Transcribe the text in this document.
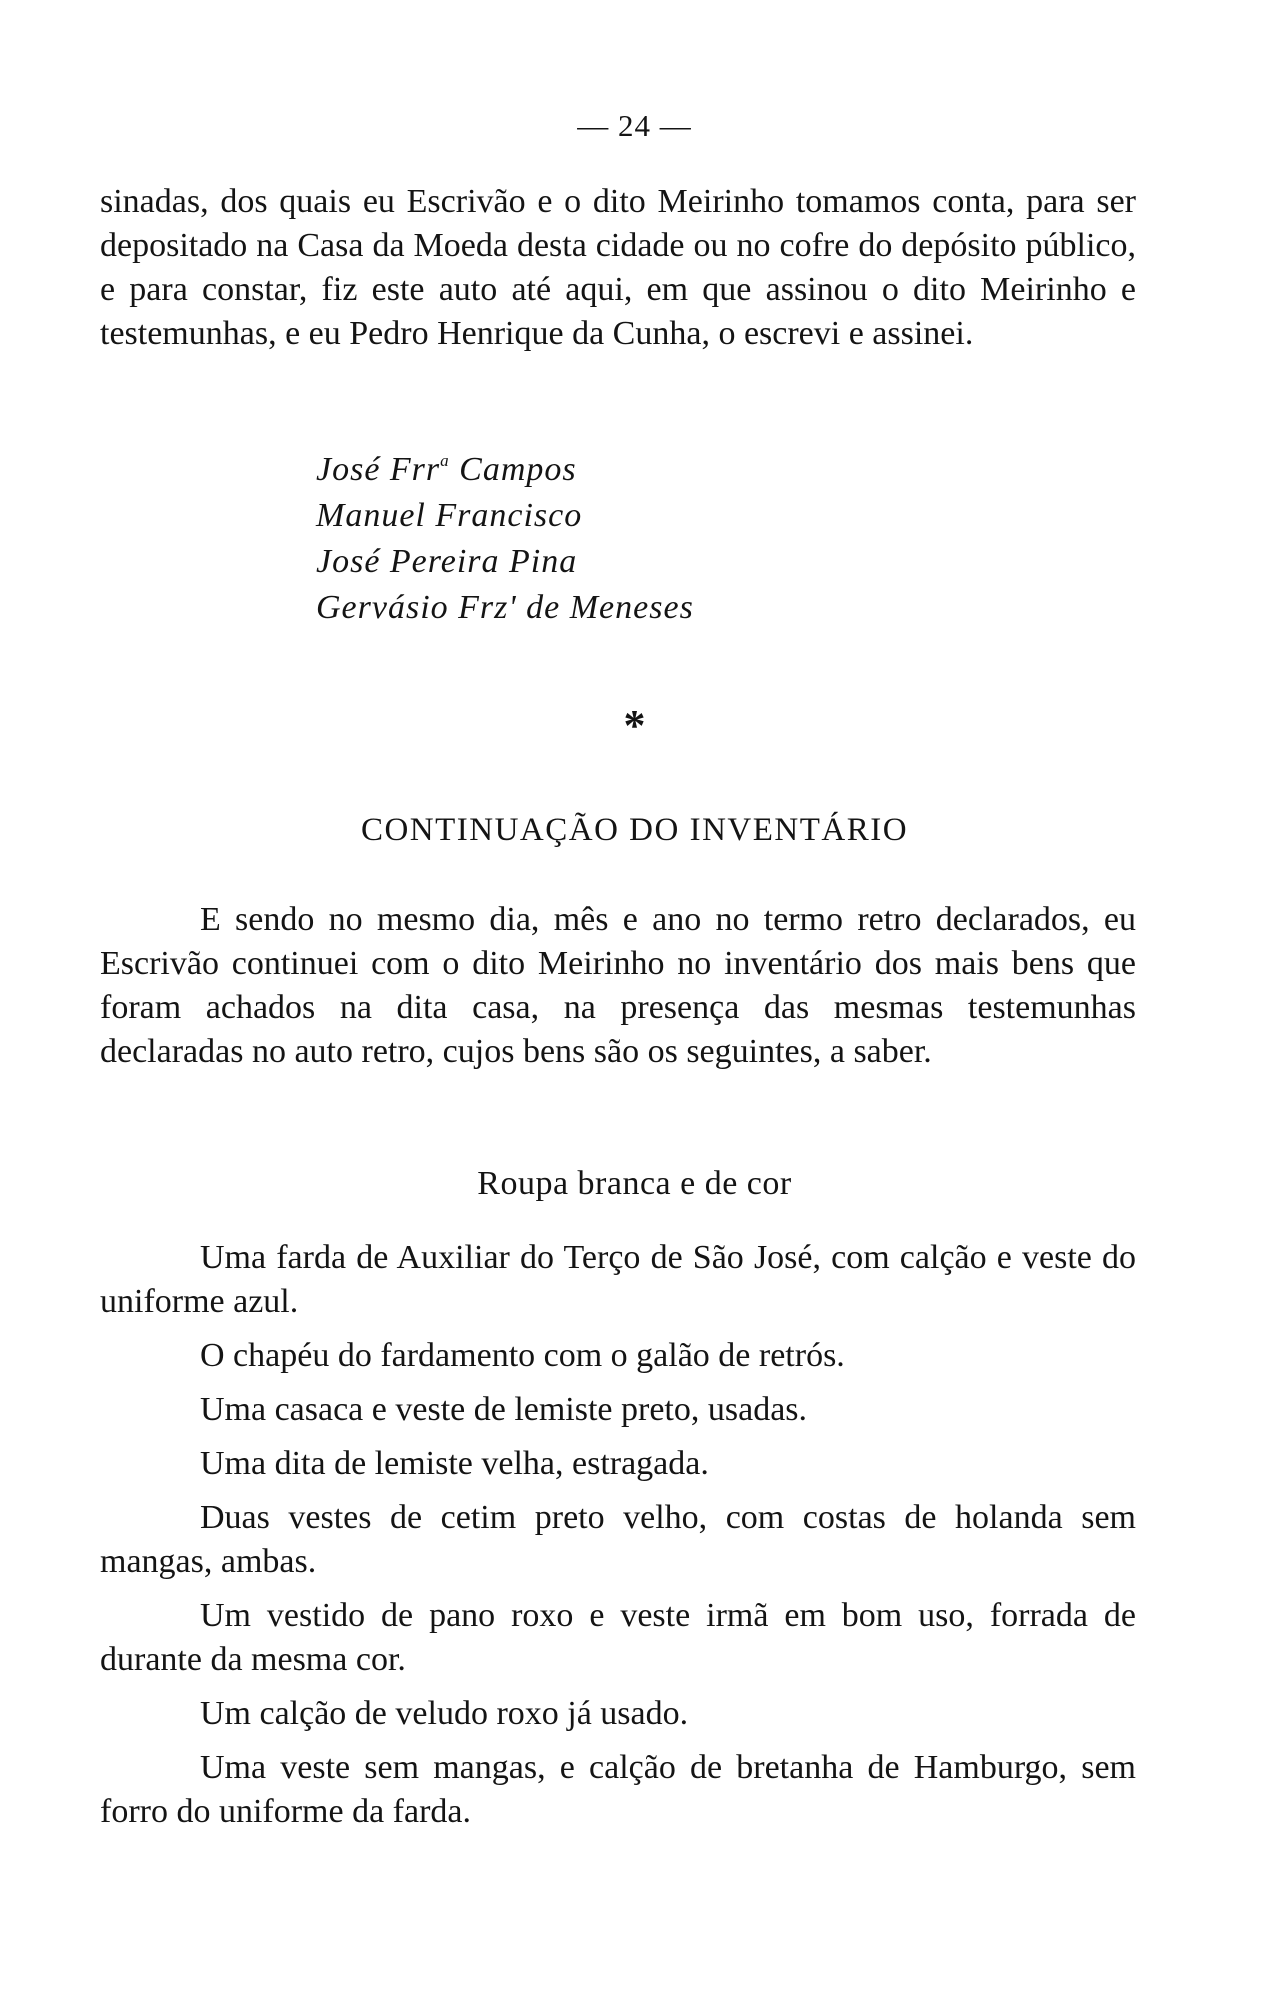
— 24 —

sinadas, dos quais eu Escrivão e o dito Meirinho tomamos conta, para ser depositado na Casa da Moeda desta cidade ou no cofre do depósito público, e para constar, fiz este auto até aqui, em que assinou o dito Meirinho e testemunhas, e eu Pedro Henrique da Cunha, o escrevi e assinei.

José Frr$^a$ Campos
Manuel Francisco
José Pereira Pina
Gervásio Frz' de Meneses
*
CONTINUAÇÃO DO INVENTÁRIO

E sendo no mesmo dia, mês e ano no termo retro declarados, eu Escrivão continuei com o dito Meirinho no inventário dos mais bens que foram achados na dita casa, na presença das mesmas testemunhas declaradas no auto retro, cujos bens são os seguintes, a saber.

Roupa branca e de cor

Uma farda de Auxiliar do Terço de São José, com calção e veste do uniforme azul.

O chapéu do fardamento com o galão de retrós.

Uma casaca e veste de lemiste preto, usadas.

Uma dita de lemiste velha, estragada.

Duas vestes de cetim preto velho, com costas de holanda sem mangas, ambas.

Um vestido de pano roxo e veste irmã em bom uso, forrada de durante da mesma cor.

Um calção de veludo roxo já usado.

Uma veste sem mangas, e calção de bretanha de Hamburgo, sem forro do uniforme da farda.
